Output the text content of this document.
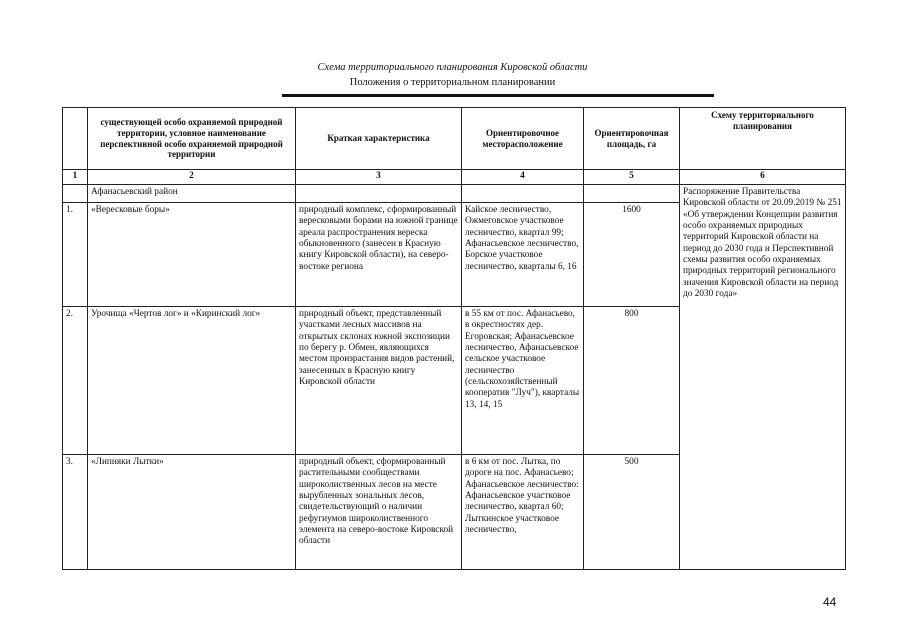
Схема территориального планирования Кировской области
Положения о территориальном планировании
	существующей особо охраняемой природной территории, условное наименование перспективной особо охраняемой природной территории	Краткая характеристика	Ориентировочное месторасположение	Ориентировочная площадь, га	Схему территориального планирования
1	2	3	4	5	6
	Афанасьевский район				Распоряжение Правительства Кировской области от 20.09.2019 № 251 «Об утверждении Концепции развития особо охраняемых природных территорий Кировской области на период до 2030 года и Перспективной схемы развития особо охраняемых природных территорий регионального значения Кировской области на период до 2030 года»
1.	«Вересковые боры»	природный комплекс, сформированный вересковыми борами на южной границе ареала распространения вереска обыкновенного (занесен в Красную книгу Кировской области), на северо-востоке региона	Кайское лесничество, Ожмеговское участковое лесничество, квартал 99; Афанасьевское лесничество, Борское участковое лесничество, кварталы 6, 16	1600	
2.	Урочища «Чертов лог» и «Киринский лог»	природный объект, представленный участками лесных массивов на открытых склонах южной экспозиции по берегу р. Обмен, являющихся местом произрастания видов растений, занесенных в Красную книгу Кировской области	в 55 км от пос. Афанасьево, в окрестностях дер. Егоровская; Афанасьевское лесничество, Афанасьевское сельское участковое лесничество (сельскохозяйственный кооператив "Луч"), кварталы 13, 14, 15	800	
3.	«Липняки Лытки»	природный объект, сформированный растительными сообществами широколиственных лесов на месте вырубленных зональных лесов, свидетельствующий о наличии рефугиумов широколиственного элемента на северо-востоке Кировской области	в 6 км от пос. Лытка, по дороге на пос. Афанасьево; Афанасьевское лесничество: Афанасьевское участковое лесничество, квартал 60; Лыткинское участковое лесничество,	500	
44
